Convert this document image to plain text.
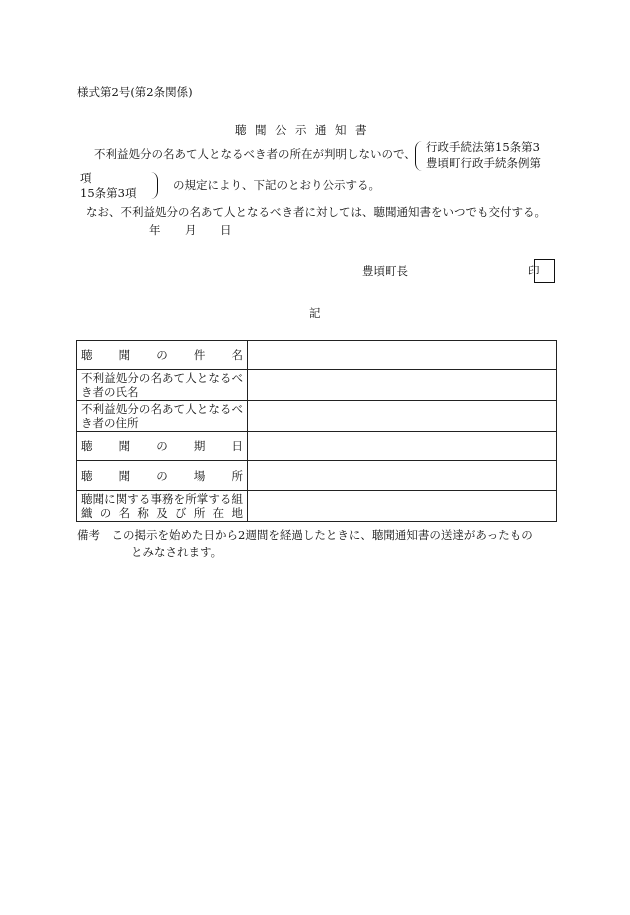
様式第2号(第2条関係)
聴聞公示通知書
不利益処分の名あて人となるべき者の所在が判明しないので、 行政手続法第15条第3
豊頃町行政手続条例第
項
15条第3項
の規定により、下記のとおり公示する。
なお、不利益処分の名あて人となるべき者に対しては、聴聞通知書をいつでも交付する。
年 月 日
豊頃町長	印
記
聴聞の件名	
不利益処分の名あて人となるべき者の氏名	
不利益処分の名あて人となるべき者の住所	
聴聞の期日	
聴聞の場所	
聴聞に関する事務を所掌する組織の名称及び所在地	
備考　この掲示を始めた日から2週間を経過したときに、聴聞通知書の送達があったもの
とみなされます。
